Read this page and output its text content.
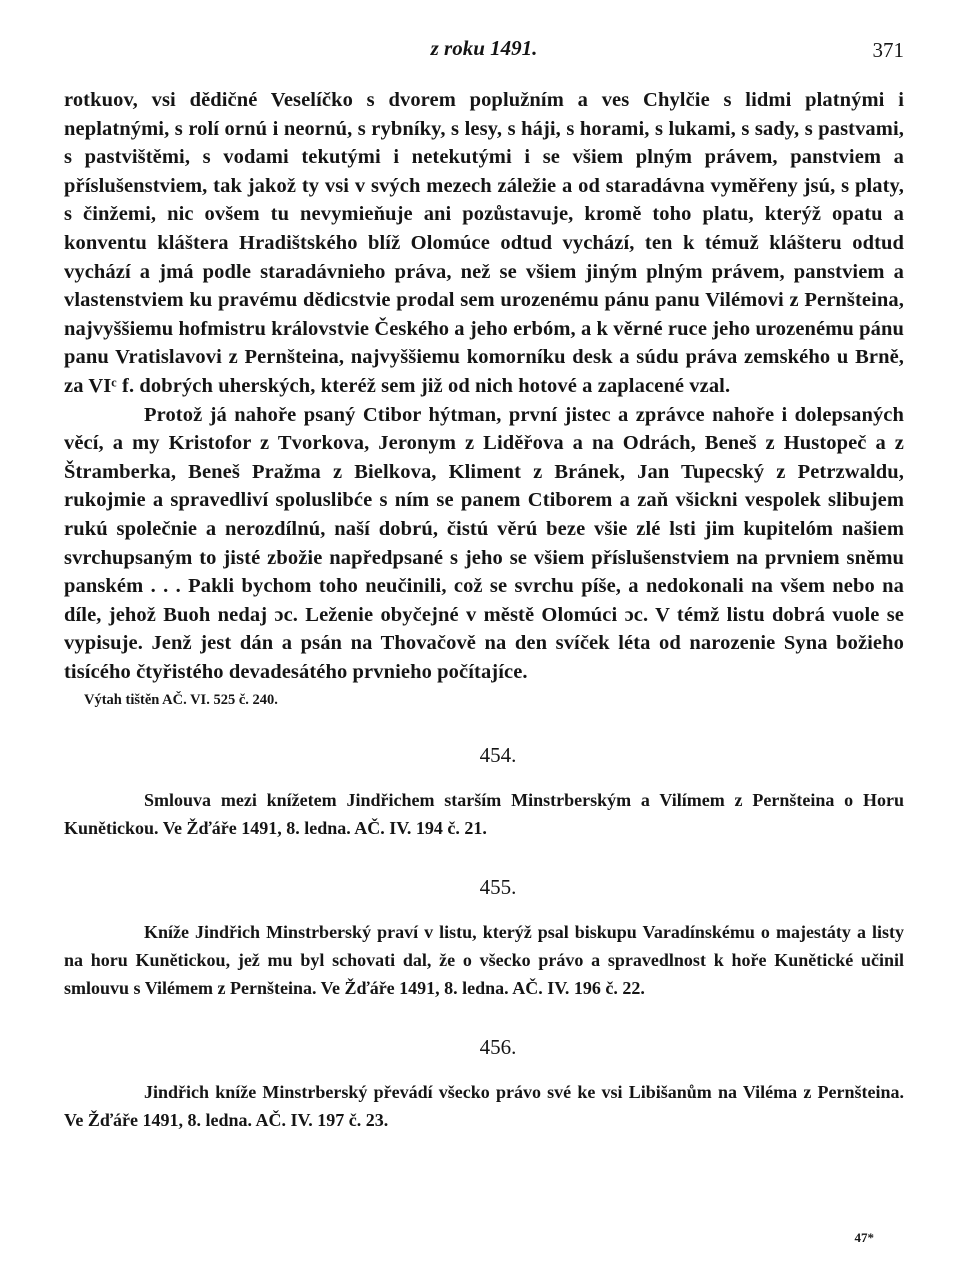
z roku 1491.	371

rotkuov, vsi dědičné Veselíčko s dvorem poplužním a ves Chylčie s lidmi platnými i neplatnými, s rolí ornú i neornú, s rybníky, s lesy, s háji, s horami, s lukami, s sady, s pastvami, s pastvištěmi, s vodami tekutými i netekutými i se všiem plným právem, panstviem a příslušenstviem, tak jakož ty vsi v svých mezech záležie a od staradávna vyměřeny jsú, s platy, s činžemi, nic ovšem tu nevymieňuje ani pozůstavuje, kromě toho platu, kterýž opatu a konventu kláštera Hradištského blíž Olomúce odtud vychází, ten k témuž klášteru odtud vychází a jmá podle staradávnieho práva, než se všiem jiným plným právem, panstviem a vlastenstviem ku pravému dědicstvie prodal sem urozenému pánu panu Vilémovi z Pernšteina, najvyššiemu hofmistru královstvie Českého a jeho erbóm, a k věrné ruce jeho urozenému pánu panu Vratislavovi z Pernšteina, najvyššiemu komorníku desk a súdu práva zemského u Brně, za VIᶜ f. dobrých uherských, kteréž sem již od nich hotové a zaplacené vzal.

Protož já nahoře psaný Ctibor hýtman, první jistec a zprávce nahoře i dolepsaných věcí, a my Kristofor z Tvorkova, Jeronym z Liděřova a na Odrách, Beneš z Hustopeč a z Štramberka, Beneš Pražma z Bielkova, Kliment z Bránek, Jan Tupecský z Petrzwaldu, rukojmie a spravedliví spoluslibće s ním se panem Ctiborem a zaň všickni vespolek slibujem rukú společnie a nerozdílnú, naší dobrú, čistú věrú beze všie zlé lsti jim kupitelóm našiem svrchupsaným to jisté zbožie napředpsané s jeho se všiem příslušenstviem na prvniem sněmu panském . . . Pakli bychom toho neučinili, což se svrchu píše, a nedokonali na všem nebo na díle, jehož Buoh nedaj ɔc. Leženie obyčejné v městě Olomúci ɔc. V témž listu dobrá vuole se vypisuje. Jenž jest dán a psán na Thovačově na den svíček léta od narozenie Syna božieho tisícého čtyřistého devadesátého prvnieho počítajíce.

Výtah tištěn AČ. VI. 525 č. 240.

454.

Smlouva mezi knížetem Jindřichem starším Minstrberským a Vilímem z Pernšteina o Horu Kunětickou. Ve Žďáře 1491, 8. ledna. AČ. IV. 194 č. 21.

455.

Kníže Jindřich Minstrberský praví v listu, kterýž psal biskupu Varadínskému o majestáty a listy na horu Kunětickou, jež mu byl schovati dal, že o všecko právo a spravedlnost k hoře Kunětické učinil smlouvu s Vilémem z Pernšteina. Ve Žďáře 1491, 8. ledna. AČ. IV. 196 č. 22.

456.

Jindřich kníže Minstrberský převádí všecko právo své ke vsi Libišanům na Viléma z Pernšteina. Ve Žďáře 1491, 8. ledna. AČ. IV. 197 č. 23.

47*
